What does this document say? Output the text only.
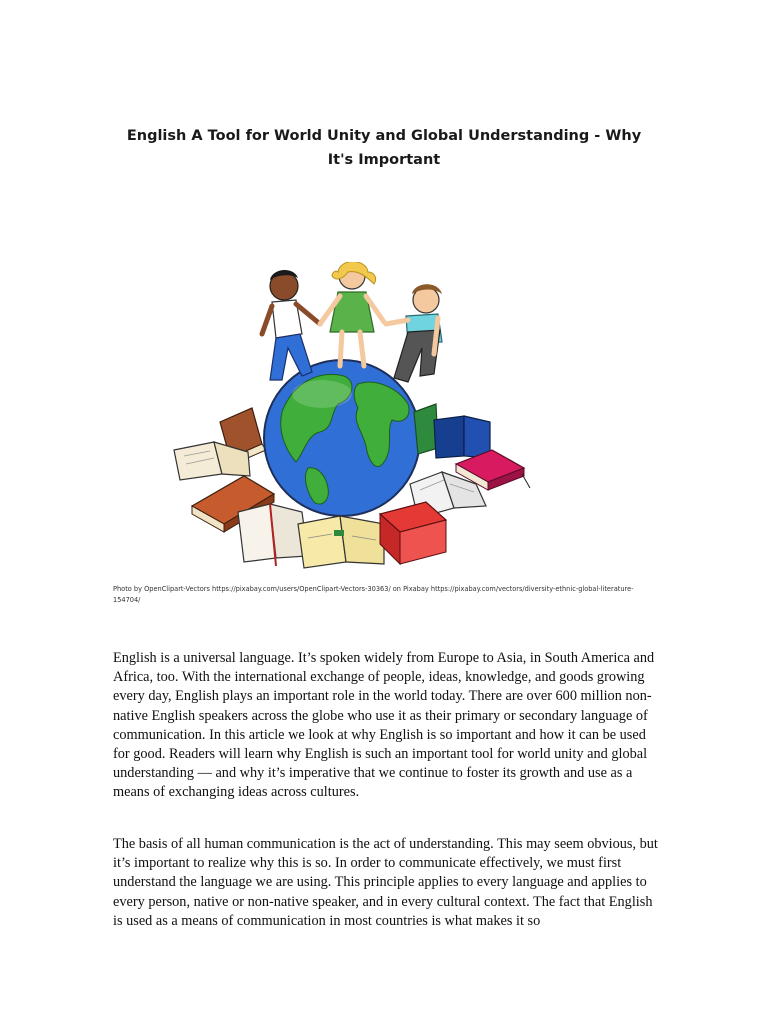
English A Tool for World Unity and Global Understanding - Why It's Important

Photo by OpenClipart-Vectors https://pixabay.com/users/OpenClipart-Vectors-30363/ on Pixabay https://pixabay.com/vectors/diversity-ethnic-global-literature-154704/

English is a universal language. It’s spoken widely from Europe to Asia, in South America and Africa, too. With the international exchange of people, ideas, knowledge, and goods growing every day, English plays an important role in the world today. There are over 600 million non-native English speakers across the globe who use it as their primary or secondary language of communication. In this article we look at why English is so important and how it can be used for good. Readers will learn why English is such an important tool for world unity and global understanding — and why it’s imperative that we continue to foster its growth and use as a means of exchanging ideas across cultures.

The basis of all human communication is the act of understanding. This may seem obvious, but it’s important to realize why this is so. In order to communicate effectively, we must first understand the language we are using. This principle applies to every language and applies to every person, native or non-native speaker, and in every cultural context. The fact that English is used as a means of communication in most countries is what makes it so
